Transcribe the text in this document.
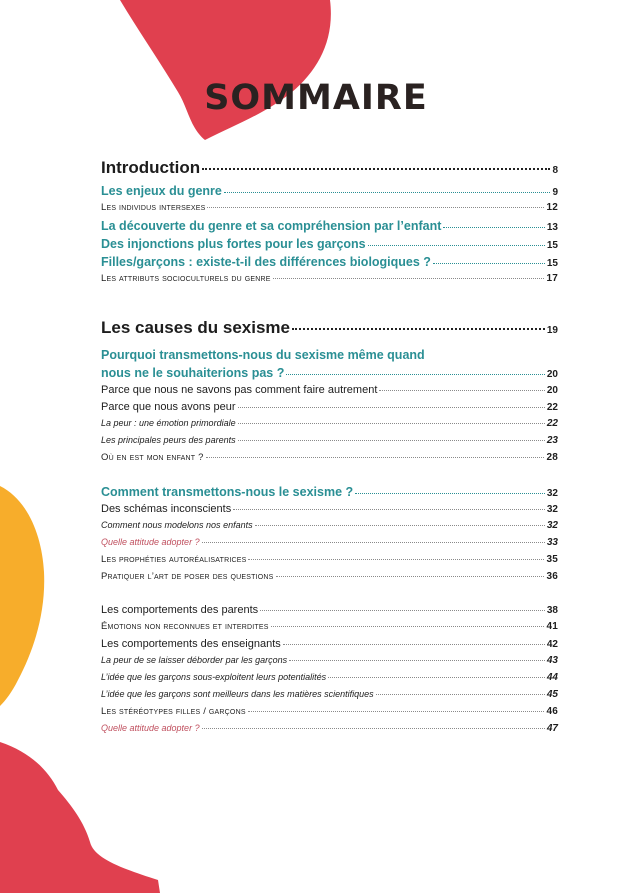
SOMMAIRE
Introduction	8
Les enjeux du genre	9
Les individus intersexes	12
La découverte du genre et sa compréhension par l’enfant	13
Des injonctions plus fortes pour les garçons	15
Filles/garçons : existe-t-il des différences biologiques ?	15
Les attributs socioculturels du genre	17
Les causes du sexisme	19
Pourquoi transmettons-nous du sexisme même quand
nous ne le souhaiterions pas ?	20
Parce que nous ne savons pas comment faire autrement	20
Parce que nous avons peur	22
La peur : une émotion primordiale	22
Les principales peurs des parents	23
Où en est mon enfant ?	28
Comment transmettons-nous le sexisme ?	32
Des schémas inconscients	32
Comment nous modelons nos enfants	32
Quelle attitude adopter ?	33
Les prophéties autoréalisatrices	35
Pratiquer l’art de poser des questions	36
Les comportements des parents	38
Émotions non reconnues et interdites	41
Les comportements des enseignants	42
La peur de se laisser déborder par les garçons	43
L’idée que les garçons sous-exploitent leurs potentialités	44
L’idée que les garçons sont meilleurs dans les matières scientifiques	45
Les stéréotypes filles / garçons	46
Quelle attitude adopter ?	47
